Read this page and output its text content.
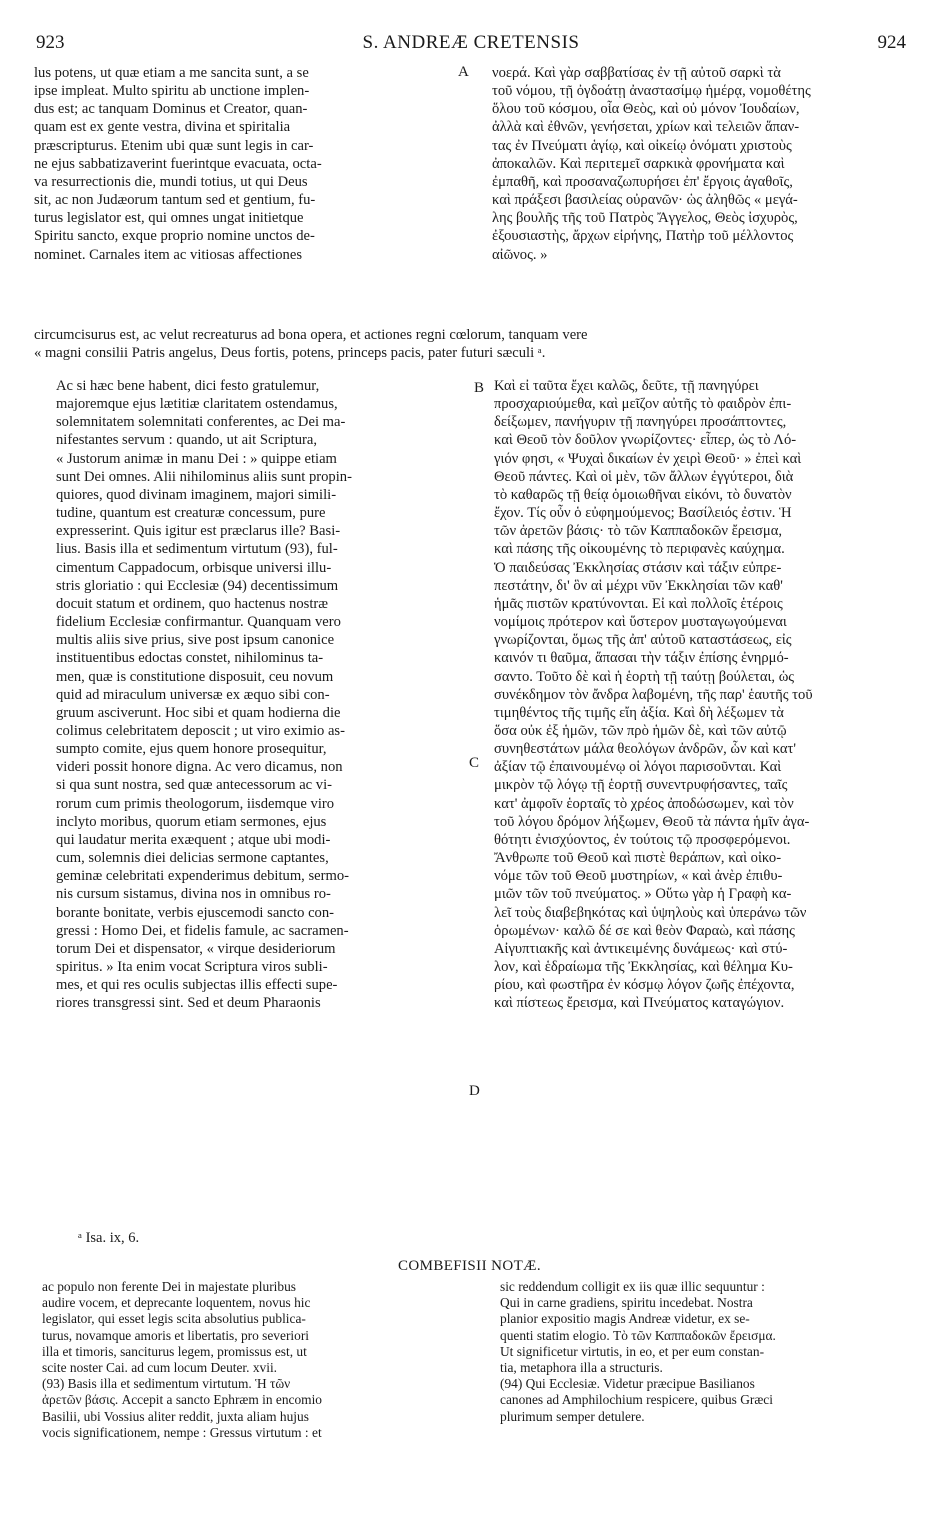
923	S. ANDREÆ CRETENSIS	924
A
B
C
D
lus potens, ut quæ etiam a me sancita sunt, a se
ipse impleat. Multo spiritu ab unctione implen-
dus est; ac tanquam Dominus et Creator, quan-
quam est ex gente vestra, divina et spiritalia
præscripturus. Etenim ubi quæ sunt legis in car-
ne ejus sabbatizaverint fuerintque evacuata, octa-
va resurrectionis die, mundi totius, ut qui Deus
sit, ac non Judæorum tantum sed et gentium, fu-
turus legislator est, qui omnes ungat initietque
Spiritu sancto, exque proprio nomine unctos de-
nominet. Carnales item ac vitiosas affectiones
νοερά. Καὶ γὰρ σαββατίσας ἐν τῇ αὐτοῦ σαρκὶ τὰ
τοῦ νόμου, τῇ ὀγδοάτῃ ἀναστασίμῳ ἡμέρᾳ, νομοθέτης
ὅλου τοῦ κόσμου, οἷα Θεὸς, καὶ οὐ μόνον Ἰουδαίων,
ἀλλὰ καὶ ἐθνῶν, γενήσεται, χρίων καὶ τελειῶν ἅπαν-
τας ἐν Πνεύματι ἁγίῳ, καὶ οἰκείῳ ὀνόματι χριστοὺς
ἀποκαλῶν. Καὶ περιτεμεῖ σαρκικὰ φρονήματα καὶ
ἐμπαθῆ, καὶ προσαναζωπυρήσει ἐπ' ἔργοις ἀγαθοῖς,
καὶ πράξεσι βασιλείας οὐρανῶν· ὡς ἀληθῶς « μεγά-
λης βουλῆς τῆς τοῦ Πατρὸς Ἄγγελος, Θεὸς ἰσχυρὸς,
ἐξουσιαστὴς, ἄρχων εἰρήνης, Πατὴρ τοῦ μέλλοντος
αἰῶνος. »
circumcisurus est, ac velut recreaturus ad bona opera, et actiones regni cœlorum, tanquam vere
« magni consilii Patris angelus, Deus fortis, potens, princeps pacis, pater futuri sæculi ᵃ.
Ac si hæc bene habent, dici festo gratulemur,
majoremque ejus lætitiæ claritatem ostendamus,
solemnitatem solemnitati conferentes, ac Dei ma-
nifestantes servum : quando, ut ait Scriptura,
« Justorum animæ in manu Dei : » quippe etiam
sunt Dei omnes. Alii nihilominus aliis sunt propin-
quiores, quod divinam imaginem, majori simili-
tudine, quantum est creaturæ concessum, pure
expresserint. Quis igitur est præclarus ille? Basi-
lius. Basis illa et sedimentum virtutum (93), ful-
cimentum Cappadocum, orbisque universi illu-
stris gloriatio : qui Ecclesiæ (94) decentissimum
docuit statum et ordinem, quo hactenus nostræ
fidelium Ecclesiæ confirmantur. Quanquam vero
multis aliis sive prius, sive post ipsum canonice
instituentibus edoctas constet, nihilominus ta-
men, quæ is constitutione disposuit, ceu novum
quid ad miraculum universæ ex æquo sibi con-
gruum asciverunt. Hoc sibi et quam hodierna die
colimus celebritatem deposcit ; ut viro eximio as-
sumpto comite, ejus quem honore prosequitur,
videri possit honore digna. Ac vero dicamus, non
si qua sunt nostra, sed quæ antecessorum ac vi-
rorum cum primis theologorum, iisdemque viro
inclyto moribus, quorum etiam sermones, ejus
qui laudatur merita exæquent ; atque ubi modi-
cum, solemnis diei delicias sermone captantes,
geminæ celebritati expenderimus debitum, sermo-
nis cursum sistamus, divina nos in omnibus ro-
borante bonitate, verbis ejuscemodi sancto con-
gressi : Homo Dei, et fidelis famule, ac sacramen-
torum Dei et dispensator, « virque desideriorum
spiritus. » Ita enim vocat Scriptura viros subli-
mes, et qui res oculis subjectas illis effecti supe-
riores transgressi sint. Sed et deum Pharaonis
Καὶ εἰ ταῦτα ἔχει καλῶς, δεῦτε, τῇ πανηγύρει
προσχαριούμεθα, καὶ μεῖζον αὐτῆς τὸ φαιδρὸν ἐπι-
δείξωμεν, πανήγυριν τῇ πανηγύρει προσάπτοντες,
καὶ Θεοῦ τὸν δοῦλον γνωρίζοντες· εἶπερ, ὡς τὸ Λό-
γιόν φησι, « Ψυχαὶ δικαίων ἐν χειρὶ Θεοῦ· » ἐπεὶ καὶ
Θεοῦ πάντες. Καὶ οἱ μὲν, τῶν ἄλλων ἐγγύτεροι, διὰ
τὸ καθαρῶς τῇ θείᾳ ὁμοιωθῆναι εἰκόνι, τὸ δυνατὸν
ἔχον. Τίς οὖν ὁ εὐφημούμενος; Βασίλειός ἐστιν. Ἡ
τῶν ἀρετῶν βάσις· τὸ τῶν Καππαδοκῶν ἔρεισμα,
καὶ πάσης τῆς οἰκουμένης τὸ περιφανὲς καύχημα.
Ὁ παιδεύσας Ἐκκλησίας στάσιν καὶ τάξιν εὐπρε-
πεστάτην, δι' ὃν αἱ μέχρι νῦν Ἐκκλησίαι τῶν καθ'
ἡμᾶς πιστῶν κρατύνονται. Εἰ καὶ πολλοῖς ἑτέροις
νομίμοις πρότερον καὶ ὕστερον μυσταγωγούμεναι
γνωρίζονται, ὅμως τῆς ἀπ' αὐτοῦ καταστάσεως, εἰς
καινόν τι θαῦμα, ἅπασαι τὴν τάξιν ἐπίσης ἐνηρμό-
σαντο. Τοῦτο δὲ καὶ ἡ ἑορτὴ τῇ ταύτῃ βούλεται, ὡς
συνέκδημον τὸν ἄνδρα λαβομένη, τῆς παρ' ἑαυτῆς τοῦ
τιμηθέντος τῆς τιμῆς εἴη ἀξία. Καὶ δὴ λέξωμεν τὰ
ὅσα οὐκ ἐξ ἡμῶν, τῶν πρὸ ἡμῶν δὲ, καὶ τῶν αὐτῷ
συνηθεστάτων μάλα θεολόγων ἀνδρῶν, ὧν καὶ κατ'
ἀξίαν τῷ ἐπαινουμένῳ οἱ λόγοι παρισοῦνται. Καὶ
μικρὸν τῷ λόγῳ τῇ ἑορτῇ συνεντρυφήσαντες, ταῖς
κατ' ἀμφοῖν ἑορταῖς τὸ χρέος ἀποδώσωμεν, καὶ τὸν
τοῦ λόγου δρόμον λήξωμεν, Θεοῦ τὰ πάντα ἡμῖν ἀγα-
θότητι ἐνισχύοντος, ἐν τούτοις τῷ προσφερόμενοι.
Ἄνθρωπε τοῦ Θεοῦ καὶ πιστὲ θεράπων, καὶ οἰκο-
νόμε τῶν τοῦ Θεοῦ μυστηρίων, « καὶ ἀνὲρ ἐπιθυ-
μιῶν τῶν τοῦ πνεύματος. » Οὕτω γὰρ ἡ Γραφὴ κα-
λεῖ τοὺς διαβεβηκότας καὶ ὑψηλοὺς καὶ ὑπεράνω τῶν
ὁρωμένων· καλῶ δέ σε καὶ θεὸν Φαραὼ, καὶ πάσης
Αἰγυπτιακῆς καὶ ἀντικειμένης δυνάμεως· καὶ στύ-
λον, καὶ ἑδραίωμα τῆς Ἐκκλησίας, καὶ θέλημα Κυ-
ρίου, καὶ φωστῆρα ἐν κόσμῳ λόγον ζωῆς ἐπέχοντα,
καὶ πίστεως ἔρεισμα, καὶ Πνεύματος καταγώγιον.
ᵃ Isa. ix, 6.
COMBEFISII NOTÆ.
ac populo non ferente Dei in majestate pluribus
audire vocem, et deprecante loquentem, novus hic
legislator, qui esset legis scita absolutius publica-
turus, novamque amoris et libertatis, pro severiori
illa et timoris, sanciturus legem, promissus est, ut
scite noster Cai. ad cum locum Deuter. xvii.
(93) Basis illa et sedimentum virtutum. Ἡ τῶν
ἀρετῶν βάσις. Accepit a sancto Ephræm in encomio
Basilii, ubi Vossius aliter reddit, juxta aliam hujus
vocis significationem, nempe : Gressus virtutum : et
sic reddendum colligit ex iis quæ illic sequuntur :
Qui in carne gradiens, spiritu incedebat. Nostra
planior expositio magis Andreæ videtur, ex se-
quenti statim elogio. Τὸ τῶν Καππαδοκῶν ἔρεισμα.
Ut significetur virtutis, in eo, et per eum constan-
tia, metaphora illa a structuris.
(94) Qui Ecclesiæ. Videtur præcipue Basilianos
canones ad Amphilochium respicere, quibus Græci
plurimum semper detulere.
